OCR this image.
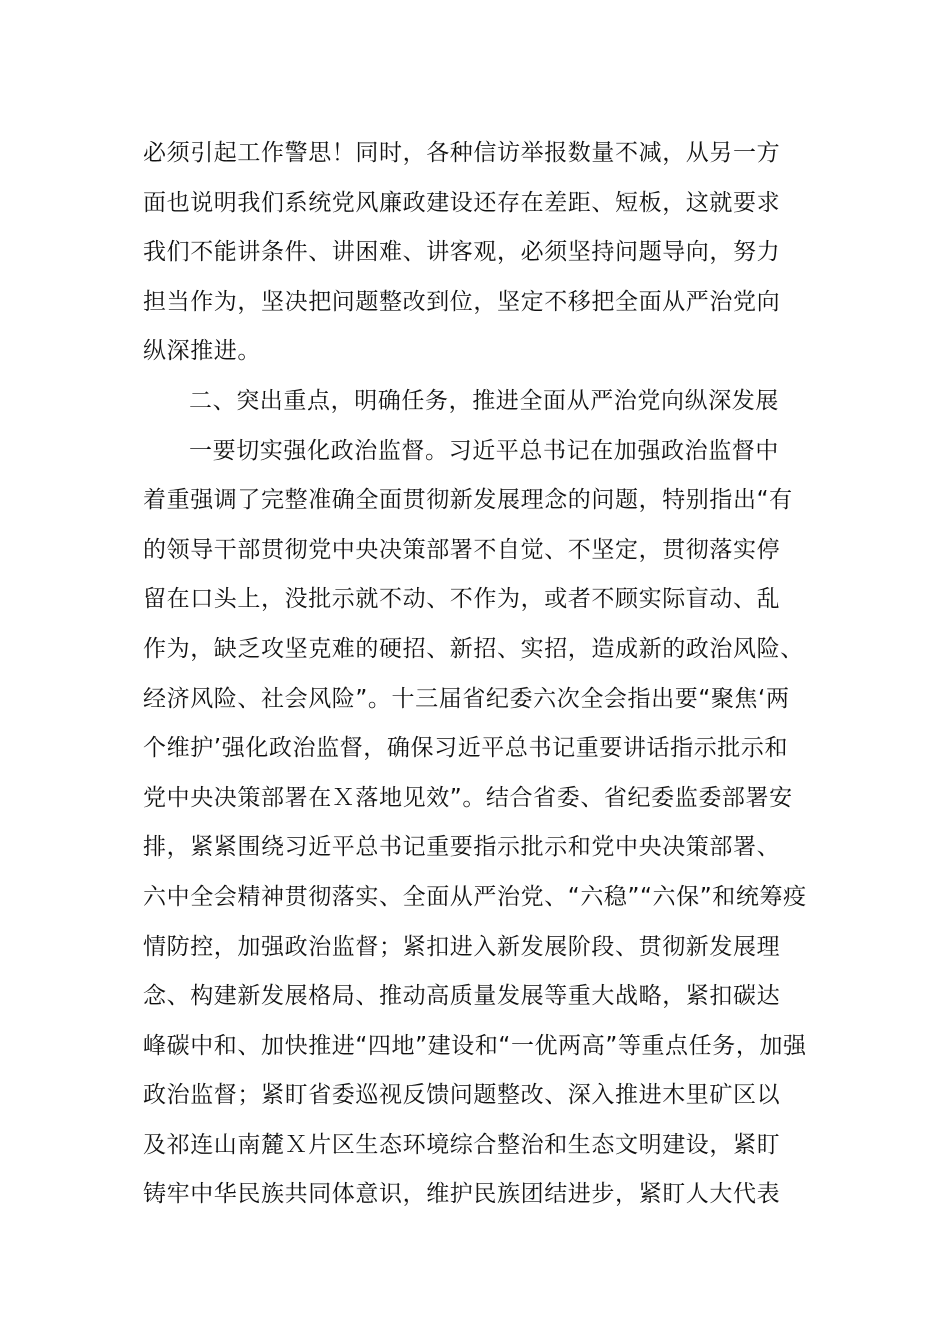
必须引起工作警思！同时，各种信访举报数量不减，从另一方
面也说明我们系统党风廉政建设还存在差距、短板，这就要求
我们不能讲条件、讲困难、讲客观，必须坚持问题导向，努力
担当作为，坚决把问题整改到位，坚定不移把全面从严治党向
纵深推进。
二、突出重点，明确任务，推进全面从严治党向纵深发展
一要切实强化政治监督。习近平总书记在加强政治监督中
着重强调了完整准确全面贯彻新发展理念的问题，特别指出“有
的领导干部贯彻党中央决策部署不自觉、不坚定，贯彻落实停
留在口头上，没批示就不动、不作为，或者不顾实际盲动、乱
作为，缺乏攻坚克难的硬招、新招、实招，造成新的政治风险、
经济风险、社会风险”。十三届省纪委六次全会指出要“聚焦‘两
个维护’强化政治监督，确保习近平总书记重要讲话指示批示和
党中央决策部署在Ｘ落地见效”。结合省委、省纪委监委部署安
排，紧紧围绕习近平总书记重要指示批示和党中央决策部署、
六中全会精神贯彻落实、全面从严治党、“六稳”“六保”和统筹疫
情防控，加强政治监督；紧扣进入新发展阶段、贯彻新发展理
念、构建新发展格局、推动高质量发展等重大战略，紧扣碳达
峰碳中和、加快推进“四地”建设和“一优两高”等重点任务，加强
政治监督；紧盯省委巡视反馈问题整改、深入推进木里矿区以
及祁连山南麓Ｘ片区生态环境综合整治和生态文明建设，紧盯
铸牢中华民族共同体意识，维护民族团结进步，紧盯人大代表
